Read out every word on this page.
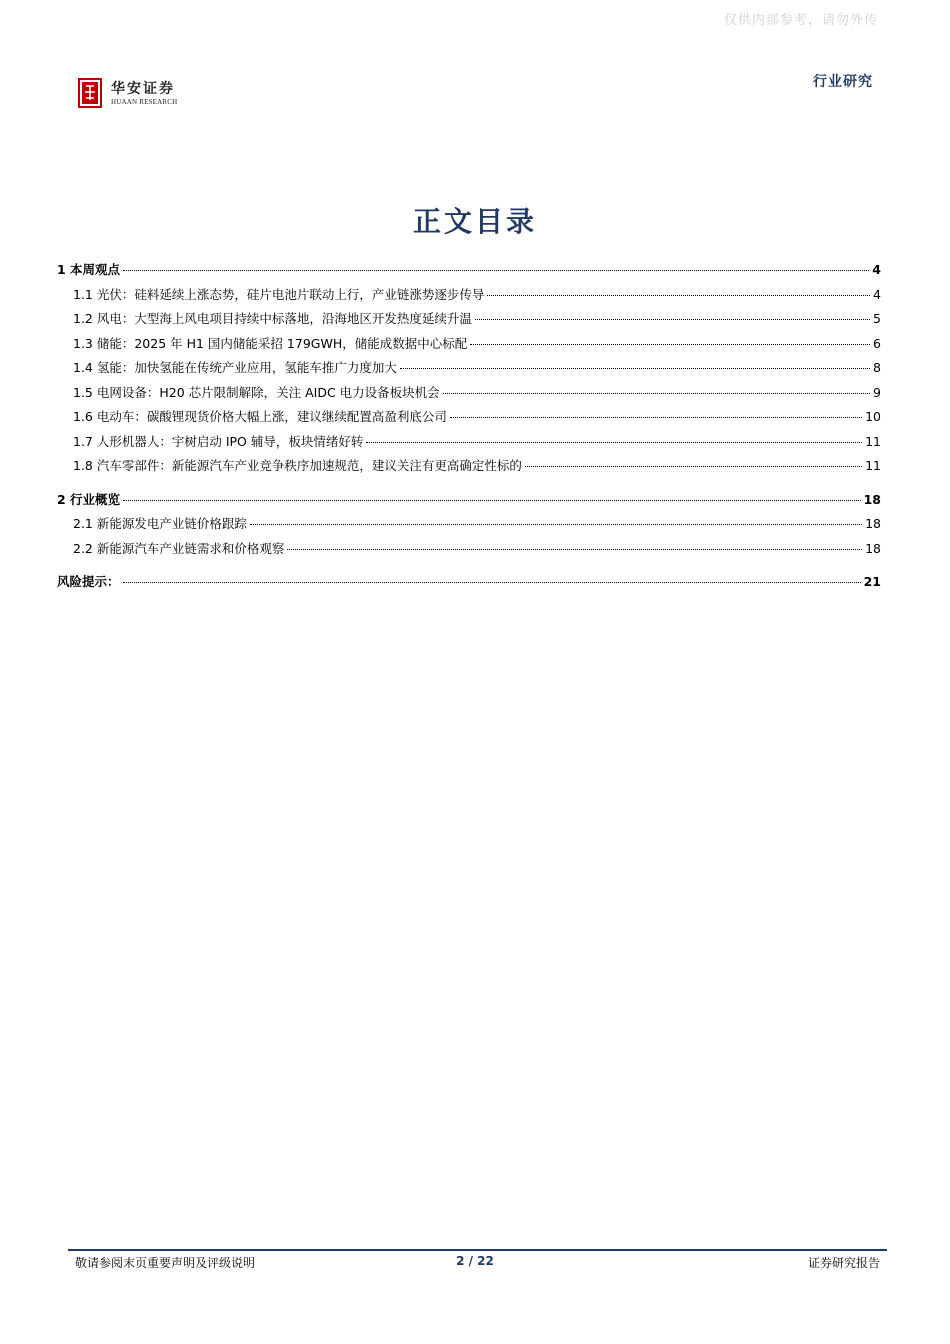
仅供内部参考，请勿外传
华安证券
HUAAN RESEARCH
行业研究
正文目录
1 本周观点	4
1.1 光伏：硅料延续上涨态势，硅片电池片联动上行，产业链涨势逐步传导	4
1.2 风电：大型海上风电项目持续中标落地，沿海地区开发热度延续升温	5
1.3 储能：2025 年 H1 国内储能采招 179GWH，储能成数据中心标配	6
1.4 氢能：加快氢能在传统产业应用，氢能车推广力度加大	8
1.5 电网设备：H20 芯片限制解除，关注 AIDC 电力设备板块机会	9
1.6 电动车：碳酸锂现货价格大幅上涨，建议继续配置高盈利底公司	10
1.7 人形机器人：宇树启动 IPO 辅导，板块情绪好转	11
1.8 汽车零部件：新能源汽车产业竞争秩序加速规范，建议关注有更高确定性标的	11
2 行业概览	18
2.1 新能源发电产业链价格跟踪	18
2.2 新能源汽车产业链需求和价格观察	18
风险提示：	21
敬请参阅末页重要声明及评级说明	2 / 22	证券研究报告
